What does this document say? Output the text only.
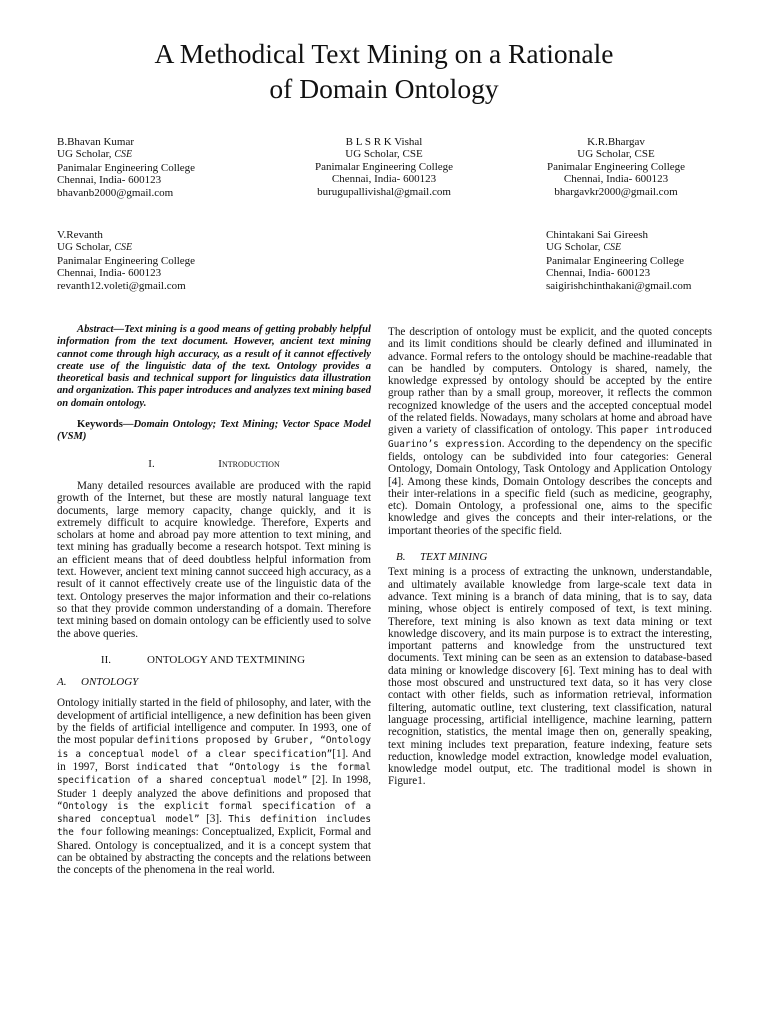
A Methodical Text Mining on a Rationale
of Domain Ontology
B.Bhavan Kumar
UG Scholar, CSE
Panimalar Engineering College
Chennai, India- 600123
bhavanb2000@gmail.com
B L S R K Vishal
UG Scholar, CSE
Panimalar Engineering College
Chennai, India- 600123
burugupallivishal@gmail.com
K.R.Bhargav
UG Scholar, CSE
Panimalar Engineering College
Chennai, India- 600123
bhargavkr2000@gmail.com
V.Revanth
UG Scholar, CSE
Panimalar Engineering College
Chennai, India- 600123
revanth12.voleti@gmail.com
Chintakani Sai Gireesh
UG Scholar, CSE
Panimalar Engineering College
Chennai, India- 600123
saigirishchinthakani@gmail.com

Abstract—Text mining is a good means of getting probably helpful information from the text document. However, ancient text mining cannot come through high accuracy, as a result of it cannot effectively create use of the linguistic data of the text. Ontology provides a theoretical basis and technical support for linguistics data illustration and organization. This paper introduces and analyzes text mining based on domain ontology.

Keywords—Domain Ontology; Text Mining; Vector Space Model (VSM)

I.	Introduction

Many detailed resources available are produced with the rapid growth of the Internet, but these are mostly natural language text documents, large memory capacity, change quickly, and it is extremely difficult to acquire knowledge. Therefore, Experts and scholars at home and abroad pay more attention to text mining, and text mining has gradually become a research hotspot. Text mining is an efficient means that of deed doubtless helpful information from text. However, ancient text mining cannot succeed high accuracy, as a result of it cannot effectively create use of the linguistic data of the text. Ontology preserves the major information and their co-relations so that they provide common understanding of a domain. Therefore text mining based on domain ontology can be efficiently used to solve the above queries.

II.	ONTOLOGY AND TEXTMINING

A. ONTOLOGY

Ontology initially started in the field of philosophy, and later, with the development of artificial intelligence, a new definition has been given by the fields of artificial intelligence and computer. In 1993, one of the most popular definitions proposed by Gruber, “Ontology is a conceptual model of a clear specification”[1]. And in 1997, Borst indicated that “Ontology is the formal specification of a shared conceptual model” [2]. In 1998, Studer 1 deeply analyzed the above definitions and proposed that “Ontology is the explicit formal specification of a shared conceptual model” [3]. This definition includes the four following meanings: Conceptualized, Explicit, Formal and Shared. Ontology is conceptualized, and it is a concept system that can be obtained by abstracting the concepts and the relations between the concepts of the phenomena in the real world.

The description of ontology must be explicit, and the quoted concepts and its limit conditions should be clearly defined and illuminated in advance. Formal refers to the ontology should be machine-readable that can be handled by computers. Ontology is shared, namely, the knowledge expressed by ontology should be accepted by the entire group rather than by a small group, moreover, it reflects the common recognized knowledge of the users and the accepted conceptual model of the related fields. Nowadays, many scholars at home and abroad have given a variety of classification of ontology. This paper introduced Guarino’s expression. According to the dependency on the specific fields, ontology can be subdivided into four categories: General Ontology, Domain Ontology, Task Ontology and Application Ontology [4]. Among these kinds, Domain Ontology describes the concepts and their inter-relations in a specific field (such as medicine, geography, etc). Domain Ontology, a professional one, aims to the specific knowledge and gives the concepts and their inter-relations, or the important theories of the specific field.

B. TEXT MINING

Text mining is a process of extracting the unknown, understandable, and ultimately available knowledge from large-scale text data in advance. Text mining is a branch of data mining, that is to say, data mining, whose object is entirely composed of text, is text mining. Therefore, text mining is also known as text data mining or text knowledge discovery, and its main purpose is to extract the interesting, important patterns and knowledge from the unstructured text documents. Text mining can be seen as an extension to database-based data mining or knowledge discovery [6]. Text mining has to deal with those most obscured and unstructured text data, so it has very close contact with other fields, such as information retrieval, information filtering, automatic outline, text clustering, text classification, natural language processing, artificial intelligence, machine learning, pattern recognition, statistics, the mental image then on, generally speaking, text mining includes text preparation, feature indexing, feature sets reduction, knowledge model extraction, knowledge model evaluation, knowledge model output, etc. The traditional model is shown in Figure1.
